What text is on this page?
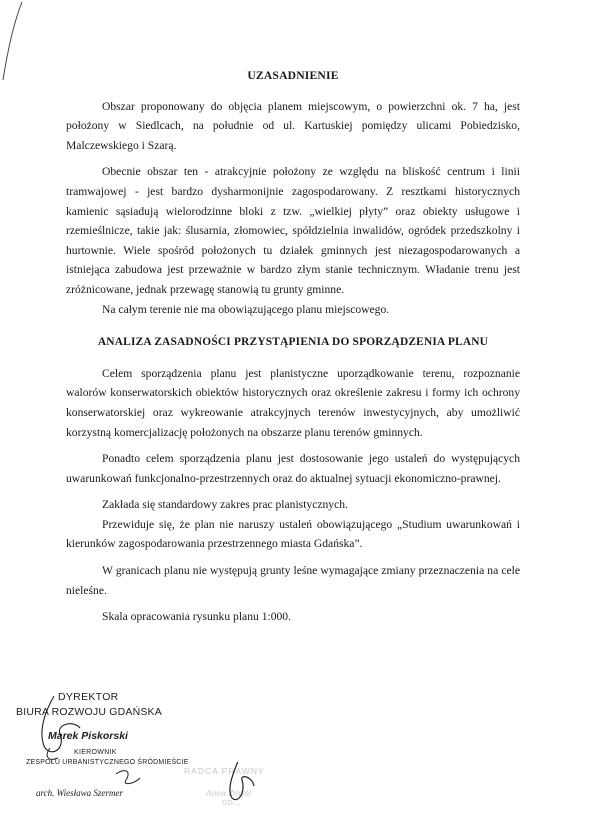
UZASADNIENIE

Obszar proponowany do objęcia planem miejscowym, o powierzchni ok. 7 ha, jest położony w Siedlcach, na południe od ul. Kartuskiej pomiędzy ulicami Pobiedzisko, Malczewskiego i Szarą.

Obecnie obszar ten - atrakcyjnie położony ze względu na bliskość centrum i linii tramwajowej - jest bardzo dysharmonijnie zagospodarowany. Z resztkami historycznych kamienic sąsiadują wielorodzinne bloki z tzw. „wielkiej płyty” oraz obiekty usługowe i rzemieślnicze, takie jak: ślusarnia, złomowiec, spółdzielnia inwalidów, ogródek przedszkolny i hurtownie. Wiele spośród położonych tu działek gminnych jest niezagospodarowanych a istniejąca zabudowa jest przeważnie w bardzo złym stanie technicznym. Władanie trenu jest zróżnicowane, jednak przewagę stanowią tu grunty gminne.

Na całym terenie nie ma obowiązującego planu miejscowego.

ANALIZA ZASADNOŚCI PRZYSTĄPIENIA DO SPORZĄDZENIA PLANU

Celem sporządzenia planu jest planistyczne uporządkowanie terenu, rozpoznanie walorów konserwatorskich obiektów historycznych oraz określenie zakresu i formy ich ochrony konserwatorskiej oraz wykreowanie atrakcyjnych terenów inwestycyjnych, aby umożliwić korzystną komercjalizację położonych na obszarze planu terenów gminnych.

Ponadto celem sporządzenia planu jest dostosowanie jego ustaleń do występujących uwarunkowań funkcjonalno-przestrzennych oraz do aktualnej sytuacji ekonomiczno-prawnej.

Zakłada się standardowy zakres prac planistycznych.

Przewiduje się, że plan nie naruszy ustaleń obowiązującego „Studium uwarunkowań i kierunków zagospodarowania przestrzennego miasta Gdańska”.

W granicach planu nie występują grunty leśne wymagające zmiany przeznaczenia na cele nieleśne.

Skala opracowania rysunku planu 1:000.

DYREKTOR
BIURA ROZWOJU GDAŃSKA
Marek Piskorski
KIEROWNIK
ZESPOŁU URBANISTYCZNEGO ŚRÓDMIEŚCIE
arch. Wiesława Szermer
RADCA PRAWNY
Anna Zmyśl
GD-...
